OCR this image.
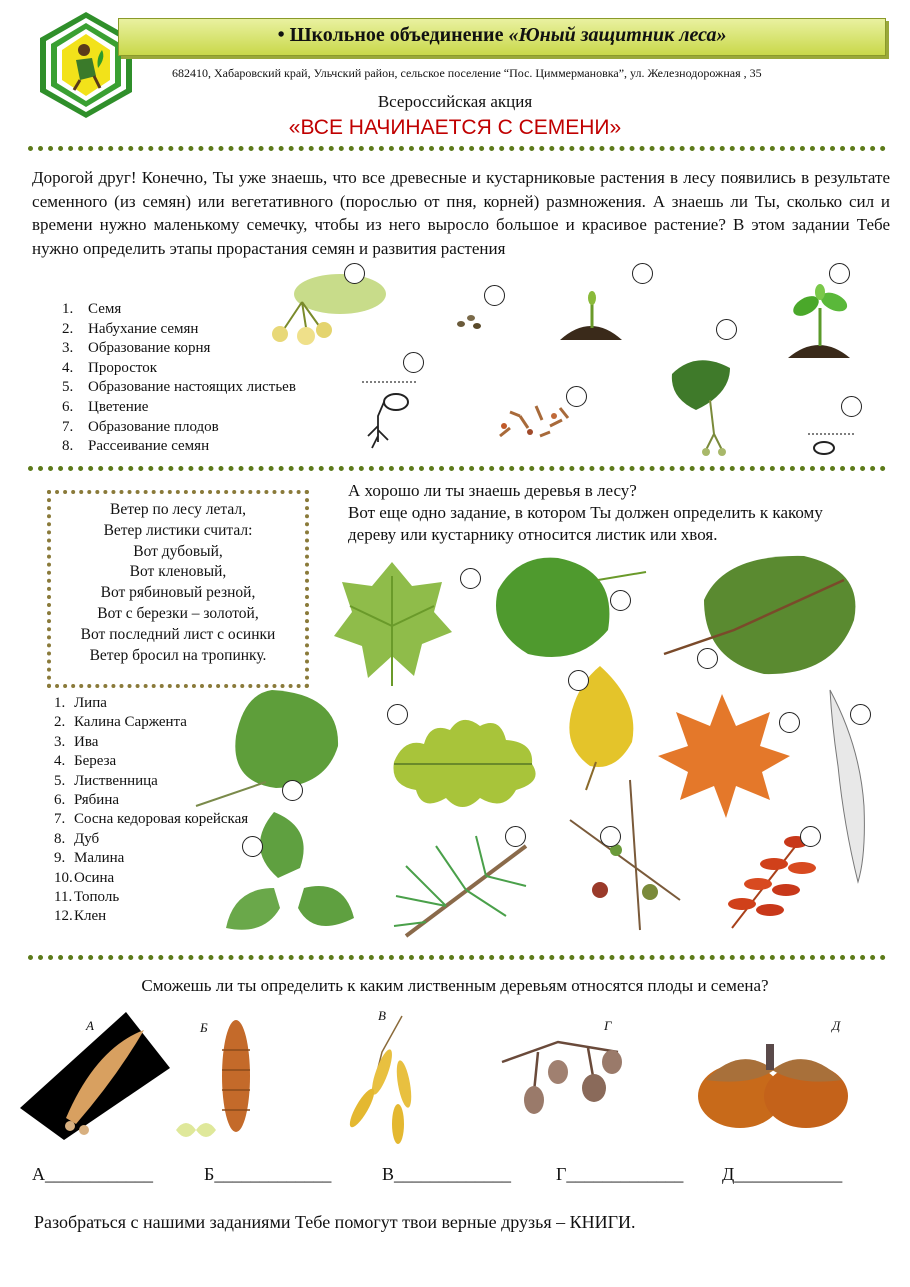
• Школьное объединение «Юный защитник леса»
682410, Хабаровский край, Ульчский район, сельское поселение “Пос. Циммермановка”, ул. Железнодорожная , 35
Всероссийская акция
«ВСЕ НАЧИНАЕТСЯ С СЕМЕНИ»
Дорогой друг! Конечно, Ты уже знаешь, что все древесные и кустарниковые растения в лесу появились в результате семенного (из семян) или вегетативного (порослью от пня, корней) размножения. А знаешь ли Ты, сколько сил и времени нужно маленькому семечку, чтобы из него выросло большое и красивое растение? В этом задании Тебе нужно определить этапы прорастания семян и развития растения
1. Семя
2. Набухание семян
3. Образование корня
4. Проросток
5. Образование настоящих листьев
6. Цветение
7. Образование плодов
8. Рассеивание семян
Ветер по лесу летал,
Ветер листики считал:
Вот дубовый,
Вот кленовый,
Вот рябиновый резной,
Вот с березки – золотой,
Вот последний лист с осинки
Ветер бросил на тропинку.
А хорошо ли ты знаешь деревья в лесу?
Вот еще одно задание, в котором Ты должен определить к какому дереву или кустарнику относится листик или хвоя.
1. Липа
2. Калина Саржента
3. Ива
4. Береза
5. Лиственница
6. Рябина
7. Сосна кедоровая корейская
8. Дуб
9. Малина
10.Осина
11. Тополь
12.Клен
Сможешь ли ты определить к каким лиственным деревьям относятся плоды и семена?
А	Б
В
Г	Д
А____________	Б_____________	В_____________ Г_____________ Д____________
Разобраться с нашими заданиями Тебе помогут твои верные друзья – КНИГИ.
